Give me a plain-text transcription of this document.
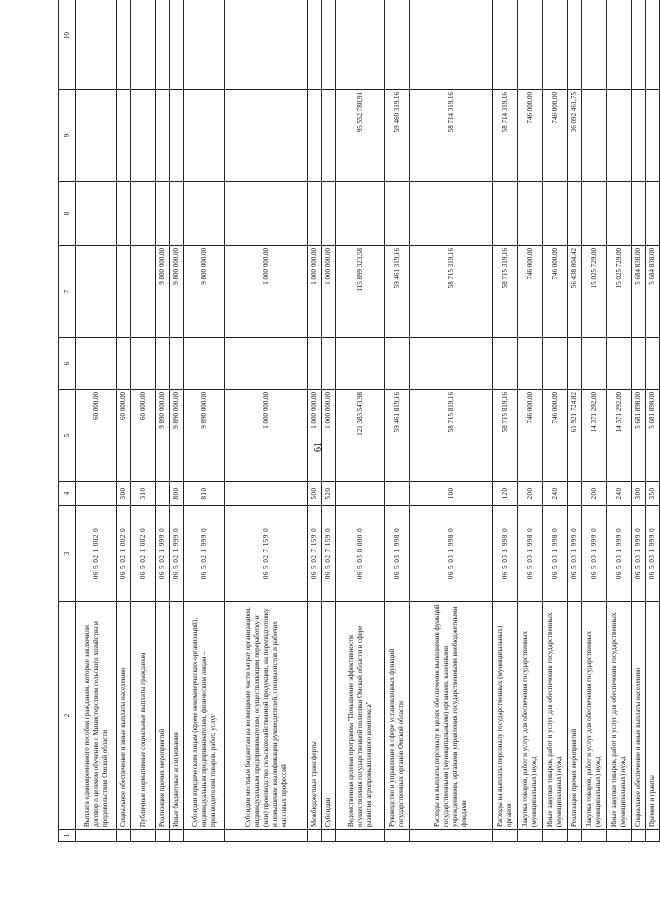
61
1	2	3	4	5	6	7	8	9	10
	Выплата единовременного пособия гражданам, которые заключили договор о целевом обучении с Министерством сельского хозяйства и продовольствия Омской области	06 5 02 1 002 0		60 000,00					
	Социальное обеспечение и иные выплаты населению	06 5 02 1 002 0	300	60 000,00					
	Публичные нормативные социальные выплаты гражданам	06 5 02 1 002 0	310	60 000,00					
	Реализация прочих мероприятий	06 5 02 1 999 0		9 890 000,00		9 800 000,00			
	Иные бюджетные ассигнования	06 5 02 1 999 0	800	9 890 000,00		9 800 000,00			
	Субсидии юридическим лицам (кроме некоммерческих организаций), индивидуальным предпринимателям, физическим лицам – производителям товаров, работ, услуг	06 5 02 1 999 0	810	9 890 000,00		9 800 000,00			
	Субсидии местным бюджетам на возмещение части затрат организациям, индивидуальным предпринимателям, осуществляющим переработку и (или) производство сельскохозяйственной продукции, на переподготовку и повышение квалификации руководителей, специалистов и рабочих массовых профессий	06 5 02 7 159 0		1 000 000,00		1 000 000,00			
	Межбюджетные трансферты	06 5 02 7 159 0	500	1 000 000,00		1 000 000,00			
	Субсидии	06 5 02 7 159 0	520	1 000 000,00		1 000 000,00			
	Ведомственная целевая программа "Повышение эффективности осуществления государственной политики Омской области в сфере развития агропромышленного комплекса"	06 5 03 0 000 0		121 383 543,98		115 899 323,58		95 552 780,91	
	Руководство и управление в сфере установленных функций государственных органов Омской области	06 5 03 1 998 0		59 461 819,16		59 461 319,16		59 460 319,16	
	Расходы на выплаты персоналу в целях обеспечения выполнения функций государственными (муниципальными) органами, казенными учреждениями, органами управления государственными внебюджетными фондами	06 5 03 1 998 0	100	58 715 819,16		58 715 319,16		58 714 319,16	
	Расходы на выплаты персоналу государственных (муниципальных) органов	06 5 03 1 998 0	120	58 715 819,16		58 715 319,16		58 714 319,16	
	Закупка товаров, работ и услуг для обеспечения государственных (муниципальных) нужд	06 5 03 1 998 0	200	746 000,00		746 000,00		746 000,00	
	Иные закупки товаров, работ и услуг для обеспечения государственных (муниципальных) нужд	06 5 03 1 998 0	240	746 000,00		746 000,00		746 000,00	
	Реализация прочих мероприятий	06 5 03 1 999 0		61 921 724,82		56 438 004,42		36 092 461,75	
	Закупка товаров, работ и услуг для обеспечения государственных (муниципальных) нужд	06 5 03 1 999 0	200	14 371 292,00		15 025 729,00			
	Иные закупки товаров, работ и услуг для обеспечения государственных (муниципальных) нужд	06 5 03 1 999 0	240	14 371 292,00		15 025 729,00			
	Социальное обеспечение и иные выплаты населению	06 5 03 1 999 0	300	5 681 898,00		5 684 838,00			
	Премии и гранты	06 5 03 1 999 0	350	5 681 898,00		5 684 838,00			
